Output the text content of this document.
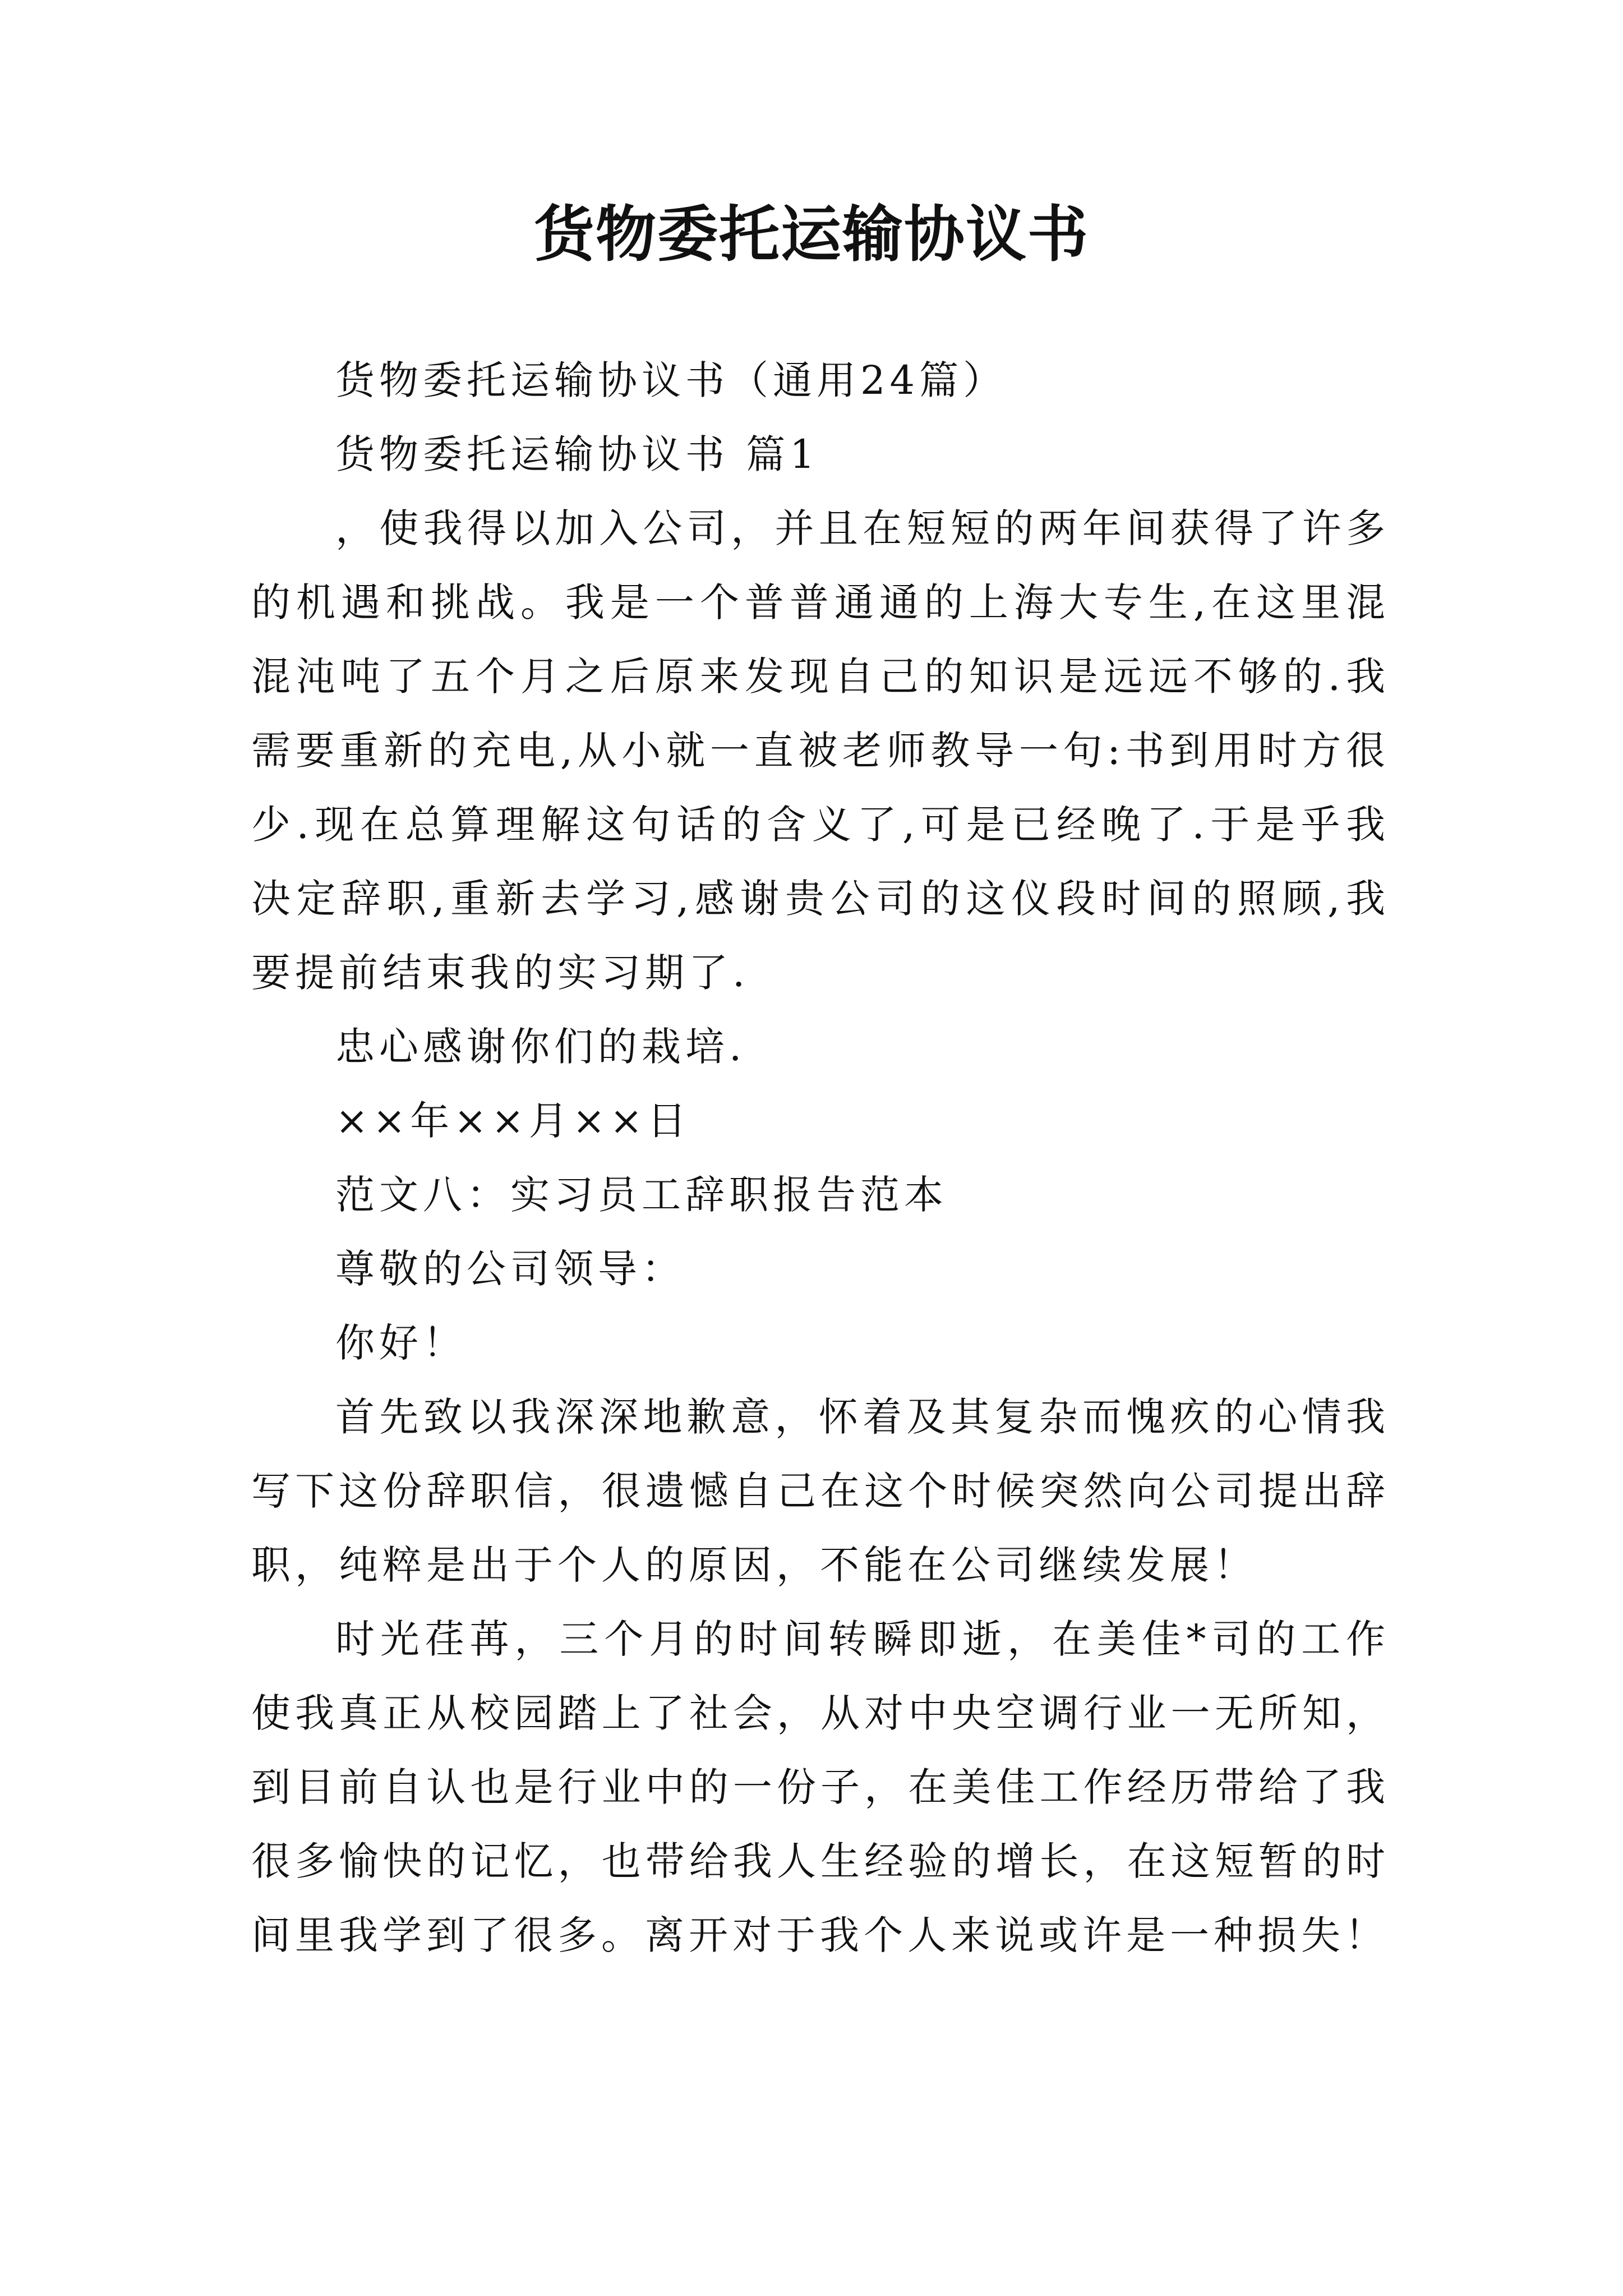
货物委托运输协议书

货物委托运输协议书（通用24篇）

货物委托运输协议书 篇1

，使我得以加入公司，并且在短短的两年间获得了许多的机遇和挑战。我是一个普普通通的上海大专生,在这里混混沌吨了五个月之后原来发现自己的知识是远远不够的.我需要重新的充电,从小就一直被老师教导一句:书到用时方很少.现在总算理解这句话的含义了,可是已经晚了.于是乎我决定辞职,重新去学习,感谢贵公司的这仪段时间的照顾,我要提前结束我的实习期了.

忠心感谢你们的栽培.

××年××月××日

范文八：实习员工辞职报告范本

尊敬的公司领导：

你好！

首先致以我深深地歉意，怀着及其复杂而愧疚的心情我写下这份辞职信，很遗憾自己在这个时候突然向公司提出辞职，纯粹是出于个人的原因，不能在公司继续发展！

时光荏苒，三个月的时间转瞬即逝，在美佳*司的工作使我真正从校园踏上了社会，从对中央空调行业一无所知，到目前自认也是行业中的一份子，在美佳工作经历带给了我很多愉快的记忆，也带给我人生经验的增长，在这短暂的时间里我学到了很多。离开对于我个人来说或许是一种损失！
